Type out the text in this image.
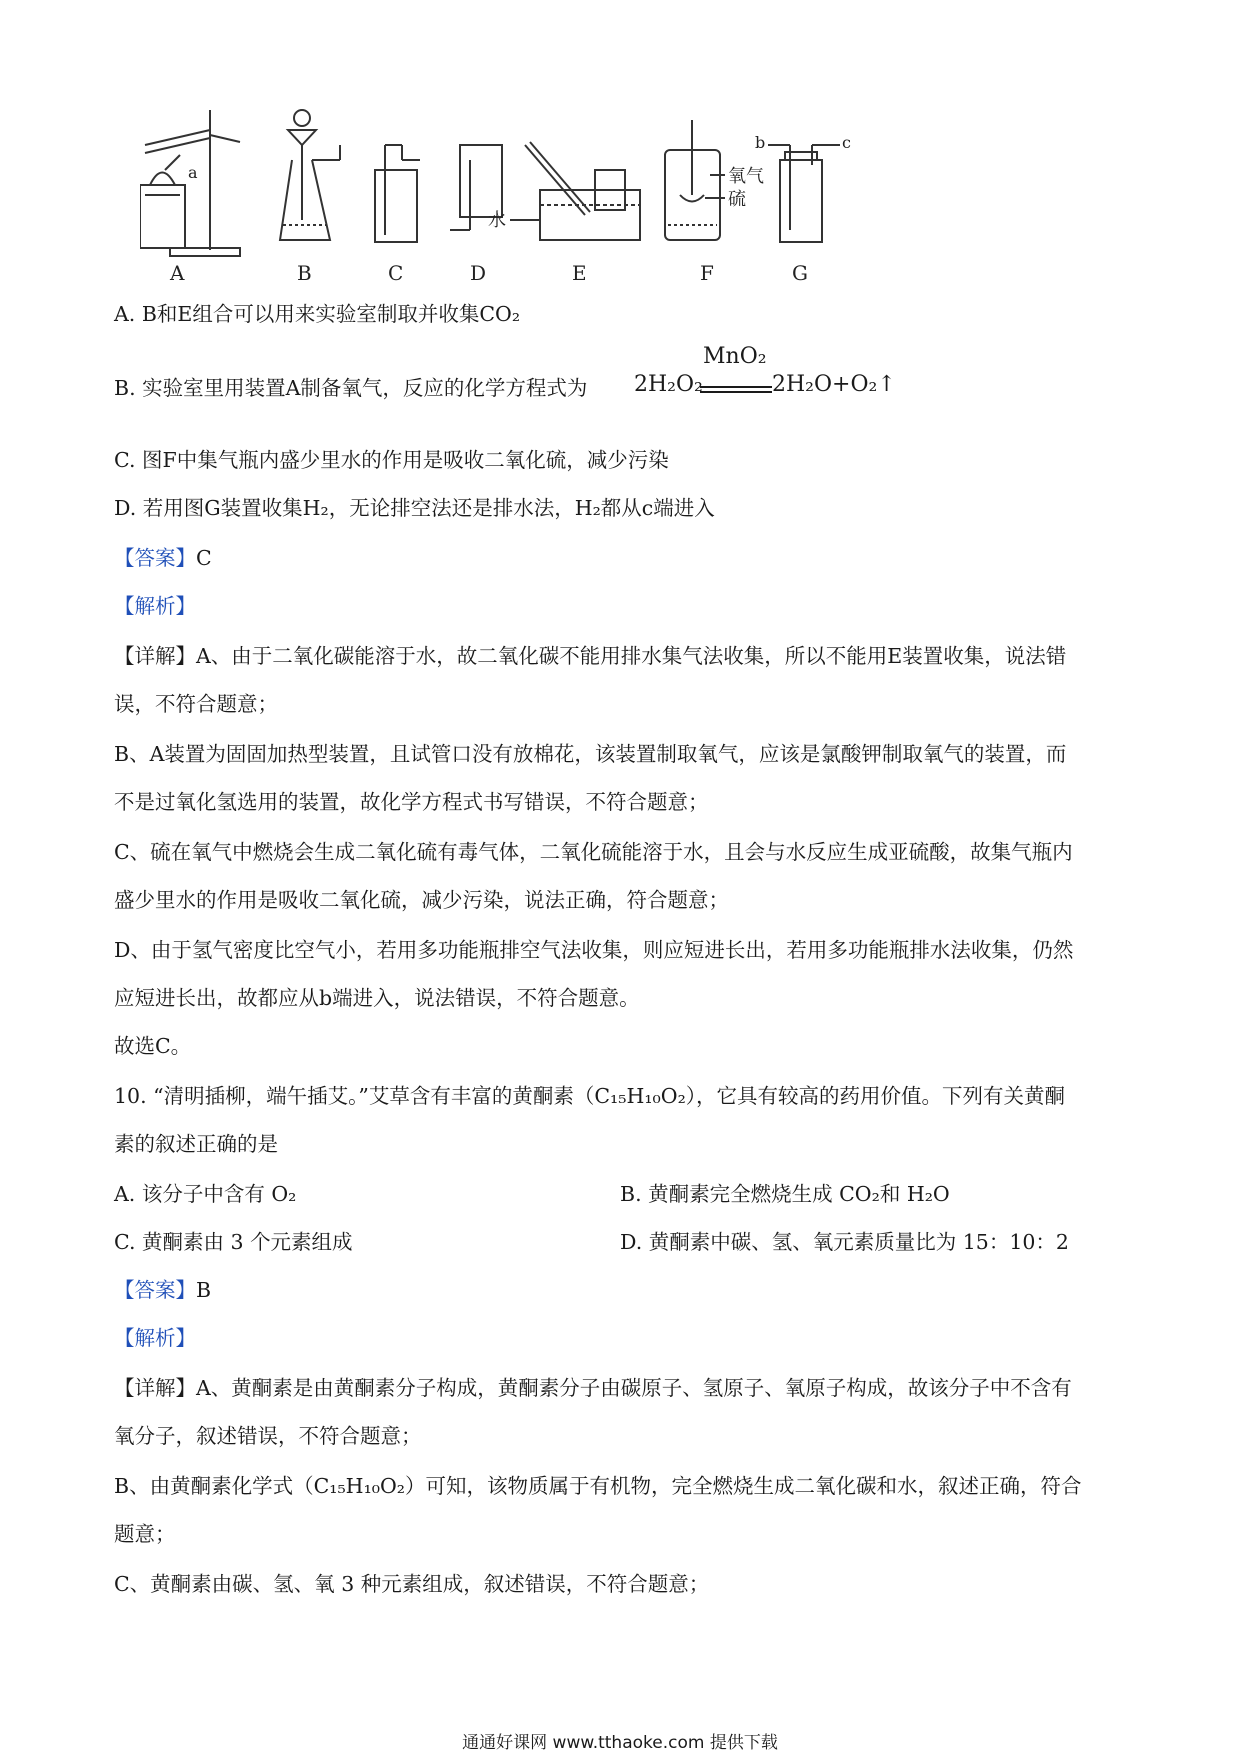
A	B	C	D	E	F	G
a
水
氧气
硫
b	c
A. B和E组合可以用来实验室制取并收集CO₂
B. 实验室里用装置A制备氧气，反应的化学方程式为 2H₂O₂
MnO₂
2H₂O+O₂↑
C. 图F中集气瓶内盛少里水的作用是吸收二氧化硫，减少污染
D. 若用图G装置收集H₂，无论排空法还是排水法，H₂都从c端进入
【答案】C
【解析】
【详解】A、由于二氧化碳能溶于水，故二氧化碳不能用排水集气法收集，所以不能用E装置收集，说法错
误，不符合题意；
B、A装置为固固加热型装置，且试管口没有放棉花，该装置制取氧气，应该是氯酸钾制取氧气的装置，而
不是过氧化氢选用的装置，故化学方程式书写错误，不符合题意；
C、硫在氧气中燃烧会生成二氧化硫有毒气体，二氧化硫能溶于水，且会与水反应生成亚硫酸，故集气瓶内
盛少里水的作用是吸收二氧化硫，减少污染，说法正确，符合题意；
D、由于氢气密度比空气小，若用多功能瓶排空气法收集，则应短进长出，若用多功能瓶排水法收集，仍然
应短进长出，故都应从b端进入，说法错误，不符合题意。
故选C。
10. “清明插柳，端午插艾。”艾草含有丰富的黄酮素（C₁₅H₁₀O₂），它具有较高的药用价值。下列有关黄酮
素的叙述正确的是
A. 该分子中含有 O₂	B. 黄酮素完全燃烧生成 CO₂和 H₂O
C. 黄酮素由 3 个元素组成	D. 黄酮素中碳、氢、氧元素质量比为 15：10：2
【答案】B
【解析】
【详解】A、黄酮素是由黄酮素分子构成，黄酮素分子由碳原子、氢原子、氧原子构成，故该分子中不含有
氧分子，叙述错误，不符合题意；
B、由黄酮素化学式（C₁₅H₁₀O₂）可知，该物质属于有机物，完全燃烧生成二氧化碳和水，叙述正确，符合
题意；
C、黄酮素由碳、氢、氧 3 种元素组成，叙述错误，不符合题意；
通通好课网 www.tthaoke.com 提供下载
